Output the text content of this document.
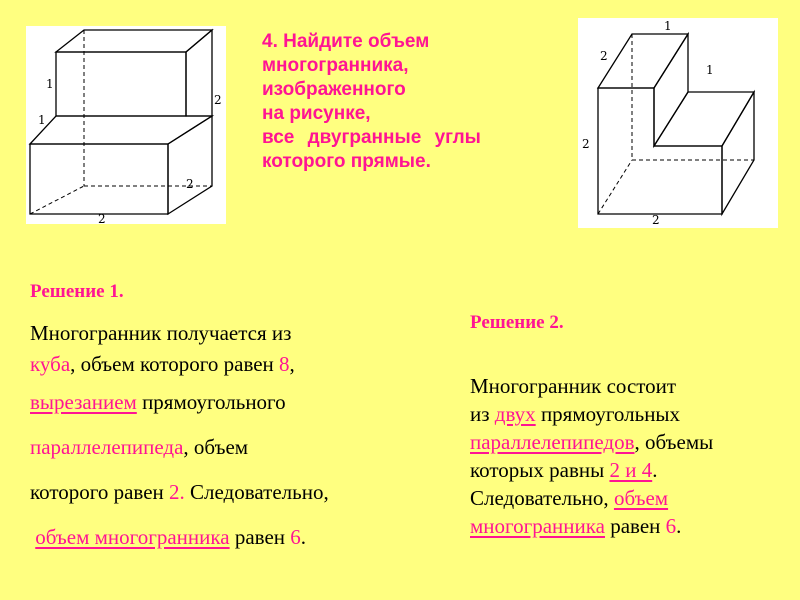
1
1
2
2
2
4. Найдите объем
многогранника,
изображенного
на рисунке,
все двугранные углы
которого прямые.
1
2
1
2
2

Решение 1.

Многогранник получается из
куба, объем которого равен 8,
вырезанием прямоугольного
параллелепипеда, объем
которого равен 2. Следовательно,
объем многогранника равен 6.

Решение 2.

Многогранник состоит
из двух прямоугольных
параллелепипедов, объемы
которых равны 2 и 4.
Следовательно, объем
многогранника равен 6.
